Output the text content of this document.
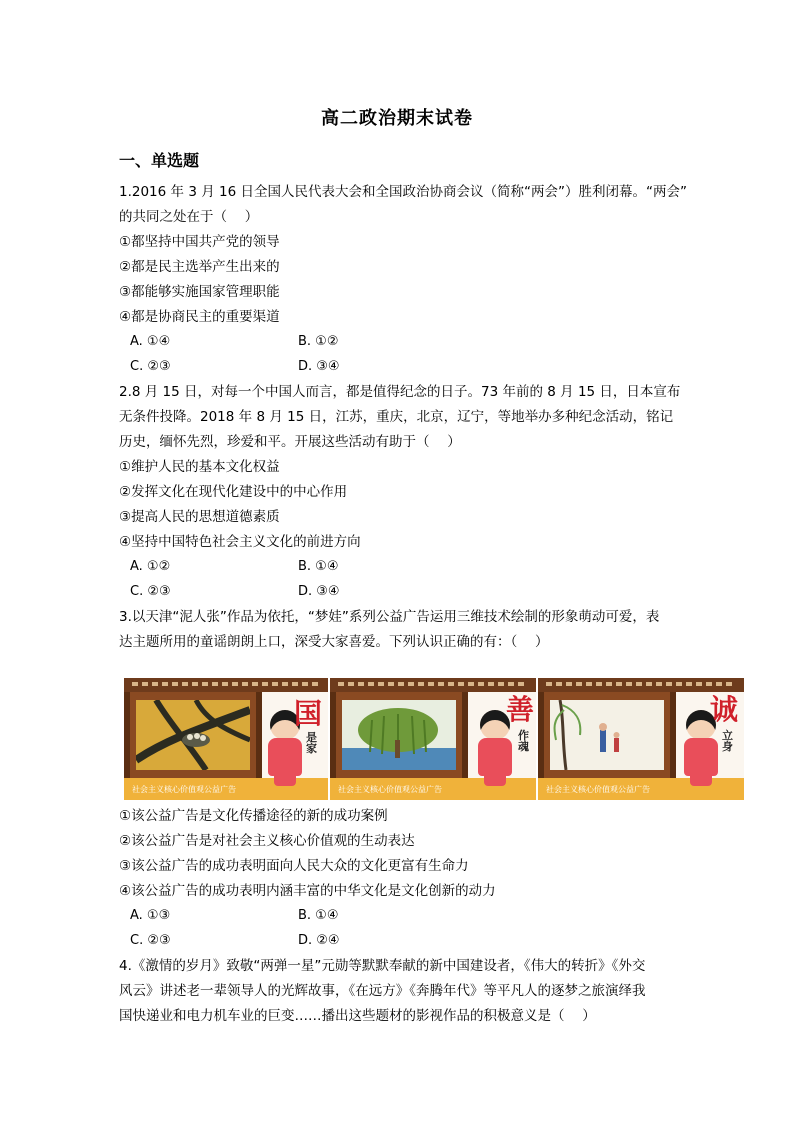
高二政治期末试卷
一、单选题
1.2016 年 3 月 16 日全国人民代表大会和全国政治协商会议（简称“两会”）胜利闭幕。“两会”
的共同之处在于（　 ）
①都坚持中国共产党的领导
②都是民主选举产生出来的
③都能够实施国家管理职能
④都是协商民主的重要渠道
A. ①④	B. ①②
C. ②③	D. ③④
2.8 月 15 日，对每一个中国人而言，都是值得纪念的日子。73 年前的 8 月 15 日，日本宣布
无条件投降。2018 年 8 月 15 日，江苏，重庆，北京，辽宁，等地举办多种纪念活动，铭记
历史，缅怀先烈，珍爱和平。开展这些活动有助于（　 ）
①维护人民的基本文化权益
②发挥文化在现代化建设中的中心作用
③提高人民的思想道德素质
④坚持中国特色社会主义文化的前进方向
A. ①②	B. ①④
C. ②③	D. ③④
3.以天津“泥人张”作品为依托，“梦娃”系列公益广告运用三维技术绘制的形象萌动可爱，表
达主题所用的童谣朗朗上口，深受大家喜爱。下列认识正确的有：（　 ）
社会主义核心价值观公益广告
国
是家
社会主义核心价值观公益广告
善
作魂
社会主义核心价值观公益广告
诚
立身
①该公益广告是文化传播途径的新的成功案例
②该公益广告是对社会主义核心价值观的生动表达
③该公益广告的成功表明面向人民大众的文化更富有生命力
④该公益广告的成功表明内涵丰富的中华文化是文化创新的动力
A. ①③	B. ①④
C. ②③	D. ②④
4.《激情的岁月》致敬“两弹一星”元勋等默默奉献的新中国建设者，《伟大的转折》《外交
风云》讲述老一辈领导人的光辉故事，《在远方》《奔腾年代》等平凡人的逐梦之旅演绎我
国快递业和电力机车业的巨变……播出这些题材的影视作品的积极意义是（　 ）
